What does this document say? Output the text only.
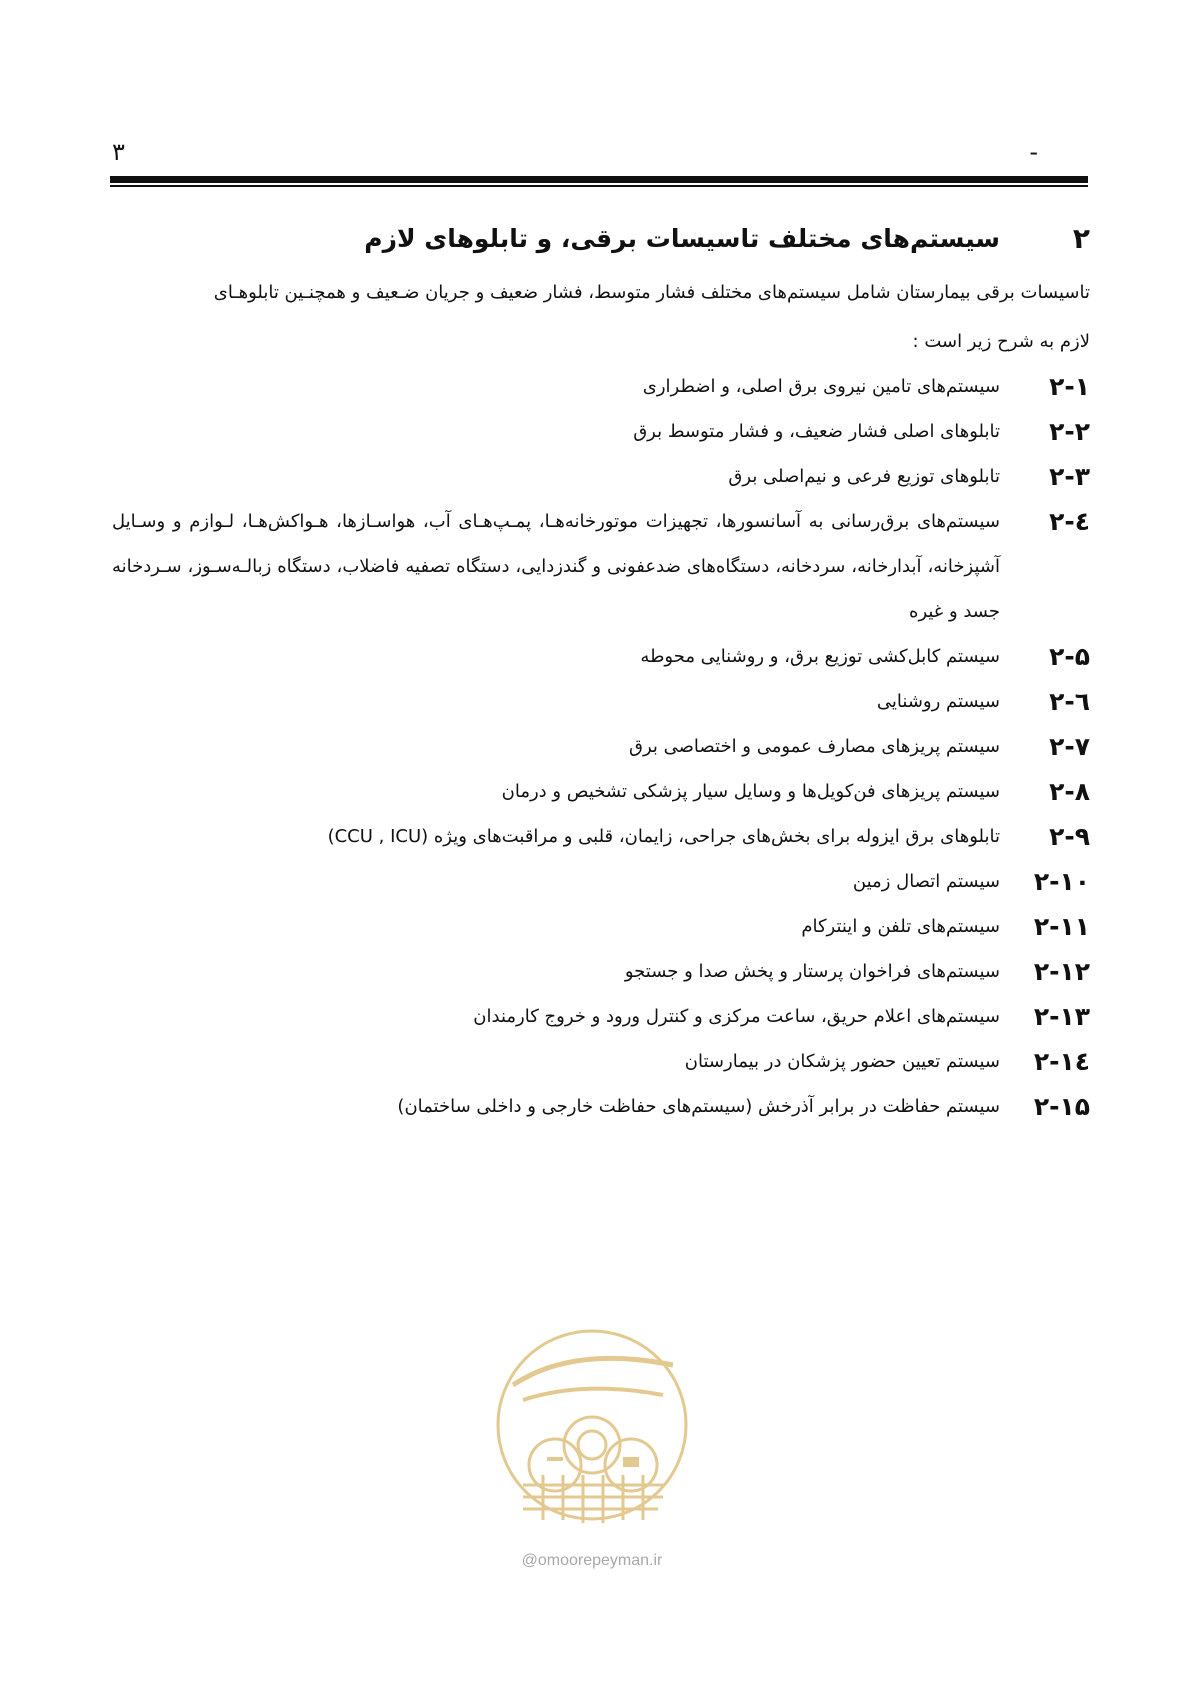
۳	-
۲
سیستم‌های مختلف تاسیسات برقی، و تابلوهای لازم
تاسیسات برقی بیمارستان شامل سیستم‌های مختلف فشار متوسط، فشار ضعیف و جریان ضـعیف و همچنـین تابلوهـای
لازم به شرح زیر است :
۲-۱
سیستم‌های تامین نیروی برق اصلی، و اضطراری
۲-۲
تابلوهای اصلی فشار ضعیف، و فشار متوسط برق
۲-۳
تابلوهای توزیع فرعی و نیم‌اصلی برق
۲-٤
سیستم‌های برق‌رسانی به آسانسورها، تجهیزات موتورخانه‌هـا، پمـپ‌هـای آب، هواسـازها، هـواکش‌هـا، لـوازم و وسـایل آشپزخانه، آبدارخانه، سردخانه، دستگاه‌های ضدعفونی و گندزدایی، دستگاه تصفیه فاضلاب، دستگاه زبالـه‌سـوز، سـردخانه جسد و غیره
۲-۵
سیستم کابل‌کشی توزیع برق، و روشنایی محوطه
۲-٦
سیستم روشنایی
۲-۷
سیستم پریزهای مصارف عمومی و اختصاصی برق
۲-۸
سیستم پریزهای فن‌کویل‌ها و وسایل سیار پزشکی تشخیص و درمان
۲-۹
تابلوهای برق ایزوله برای بخش‌های جراحی، زایمان، قلبی و مراقبت‌های ویژه (CCU , ICU)
۲-۱۰
سیستم اتصال زمین
۲-۱۱
سیستم‌های تلفن و اینترکام
۲-۱۲
سیستم‌های فراخوان پرستار و پخش صدا و جستجو
۲-۱۳
سیستم‌های اعلام حریق، ساعت مرکزی و کنترل ورود و خروج کارمندان
۲-١٤
سیستم تعیین حضور پزشکان در بیمارستان
۲-۱۵
سیستم حفاظت در برابر آذرخش (سیستم‌های حفاظت خارجی و داخلی ساختمان)
@omoorepeyman.ir
